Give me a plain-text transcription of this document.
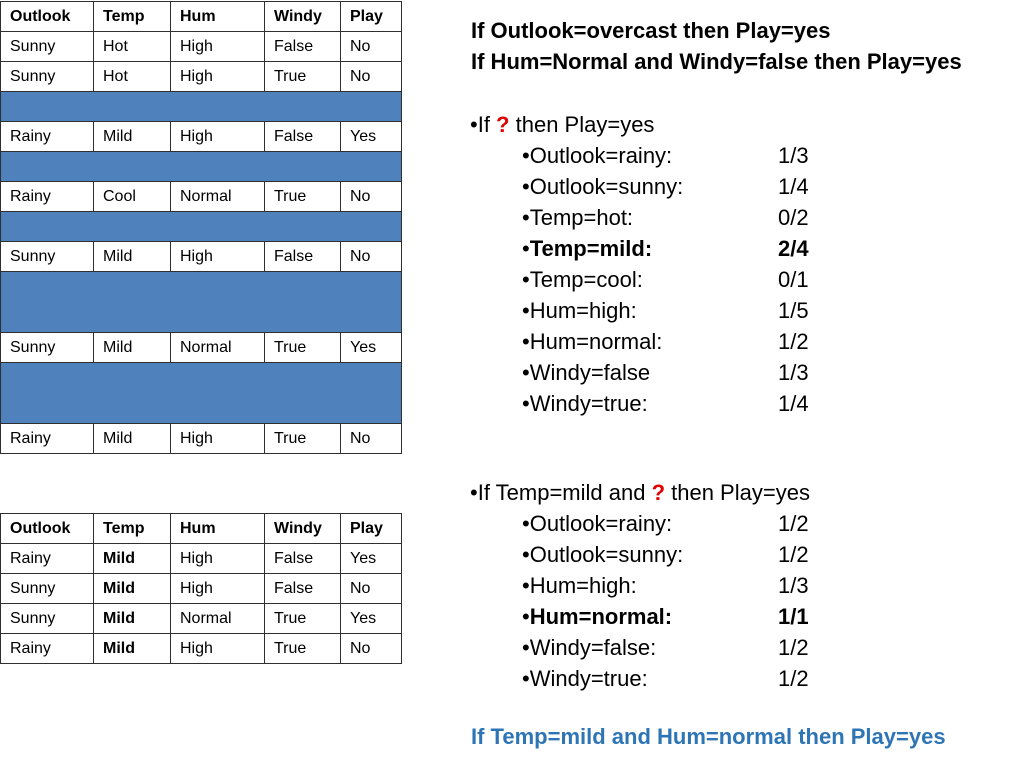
Outlook	Temp	Hum	Windy	Play
Sunny	Hot	High	False	No
Sunny	Hot	High	True	No

Rainy	Mild	High	False	Yes

Rainy	Cool	Normal	True	No

Sunny	Mild	High	False	No

Sunny	Mild	Normal	True	Yes

Rainy	Mild	High	True	No
Outlook	Temp	Hum	Windy	Play
Rainy	Mild	High	False	Yes
Sunny	Mild	High	False	No
Sunny	Mild	Normal	True	Yes
Rainy	Mild	High	True	No
If Outlook=overcast then Play=yes
If Hum=Normal and Windy=false then Play=yes
•If ? then Play=yes
•Outlook=rainy:	1/3
•Outlook=sunny:	1/4
•Temp=hot:	0/2
•Temp=mild:	2/4
•Temp=cool:	0/1
•Hum=high:	1/5
•Hum=normal:	1/2
•Windy=false	1/3
•Windy=true:	1/4
•If Temp=mild and ? then Play=yes
•Outlook=rainy:	1/2
•Outlook=sunny:	1/2
•Hum=high:	1/3
•Hum=normal:	1/1
•Windy=false:	1/2
•Windy=true:	1/2
If Temp=mild and Hum=normal then Play=yes
